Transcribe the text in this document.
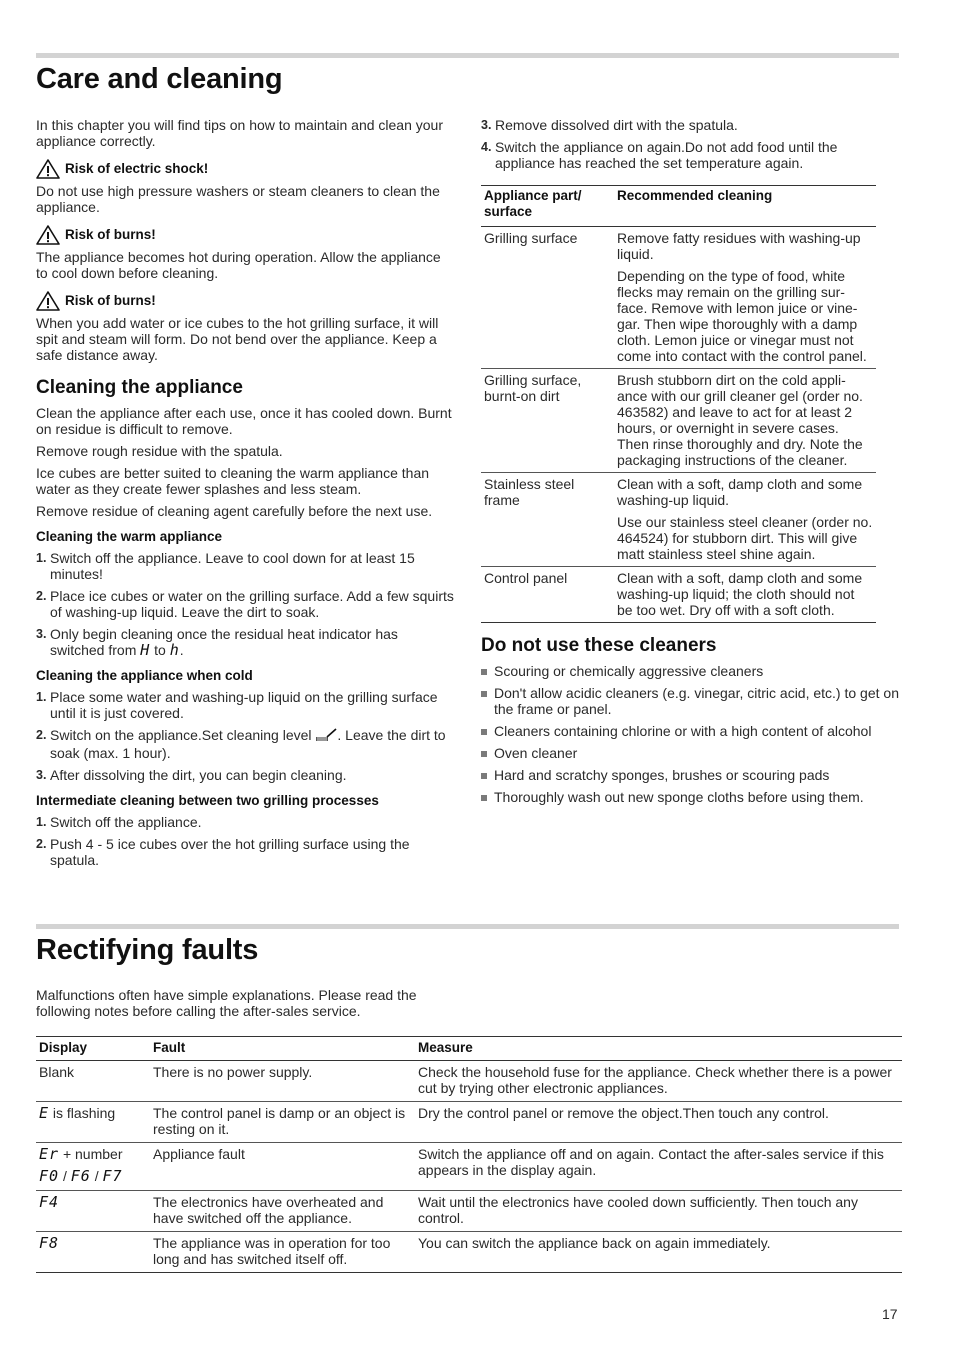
Care and cleaning

In this chapter you will find tips on how to maintain and clean your appliance correctly.

Risk of electric shock!

Do not use high pressure washers or steam cleaners to clean the appliance.

Risk of burns!

The appliance becomes hot during operation. Allow the appliance to cool down before cleaning.

Risk of burns!

When you add water or ice cubes to the hot grilling surface, it will spit and steam will form. Do not bend over the appliance. Keep a safe distance away.

Cleaning the appliance

Clean the appliance after each use, once it has cooled down. Burnt on residue is difficult to remove.

Remove rough residue with the spatula.

Ice cubes are better suited to cleaning the warm appliance than water as they create fewer splashes and less steam.

Remove residue of cleaning agent carefully before the next use.

Cleaning the warm appliance
1. Switch off the appliance. Leave to cool down for at least 15 minutes!
2. Place ice cubes or water on the grilling surface. Add a few squirts of washing-up liquid. Leave the dirt to soak.
3. Only begin cleaning once the residual heat indicator has switched from H to h.
Cleaning the appliance when cold
1. Place some water and washing-up liquid on the grilling surface until it is just covered.
2. Switch on the appliance.Set cleaning level . Leave the dirt to soak (max. 1 hour).
3. After dissolving the dirt, you can begin cleaning.
Intermediate cleaning between two grilling processes
1. Switch off the appliance.
2. Push 4 - 5 ice cubes over the hot grilling surface using the spatula.
3. Remove dissolved dirt with the spatula.
4. Switch the appliance on again.Do not add food until the appliance has reached the set temperature again.
Appliance part/ surface	Recommended cleaning
Grilling surface	Remove fatty residues with washing-up liquid.

Depending on the type of food, white flecks may remain on the grilling sur-face. Remove with lemon juice or vine-gar. Then wipe thoroughly with a damp cloth. Lemon juice or vinegar must not come into contact with the control panel.

Grilling surface, burnt-on dirt	Brush stubborn dirt on the cold appli-ance with our grill cleaner gel (order no. 463582) and leave to act for at least 2 hours, or overnight in severe cases. Then rinse thoroughly and dry. Note the packaging instructions of the cleaner.

Stainless steel frame	Clean with a soft, damp cloth and some washing-up liquid.

Use our stainless steel cleaner (order no. 464524) for stubborn dirt. This will give matt stainless steel shine again.

Control panel	Clean with a soft, damp cloth and some washing-up liquid; the cloth should not be too wet. Dry off with a soft cloth.

Do not use these cleaners
Scouring or chemically aggressive cleaners
Don't allow acidic cleaners (e.g. vinegar, citric acid, etc.) to get on the frame or panel.
Cleaners containing chlorine or with a high content of alcohol
Oven cleaner
Hard and scratchy sponges, brushes or scouring pads
Thoroughly wash out new sponge cloths before using them.
Rectifying faults

Malfunctions often have simple explanations. Please read the following notes before calling the after-sales service.

Display	Fault	Measure
Blank	There is no power supply.	Check the household fuse for the appliance. Check whether there is a power cut by trying other electronic appliances.
E is flashing	The control panel is damp or an object is resting on it.	Dry the control panel or remove the object.Then touch any control.

Er + number
F0 / F6 / F7	Appliance fault	Switch the appliance off and on again. Contact the after-sales service if this appears in the display again.
F4	The electronics have overheated and have switched off the appliance.	Wait until the electronics have cooled down sufficiently. Then touch any control.
F8	The appliance was in operation for too long and has switched itself off.	You can switch the appliance back on again immediately.
17
